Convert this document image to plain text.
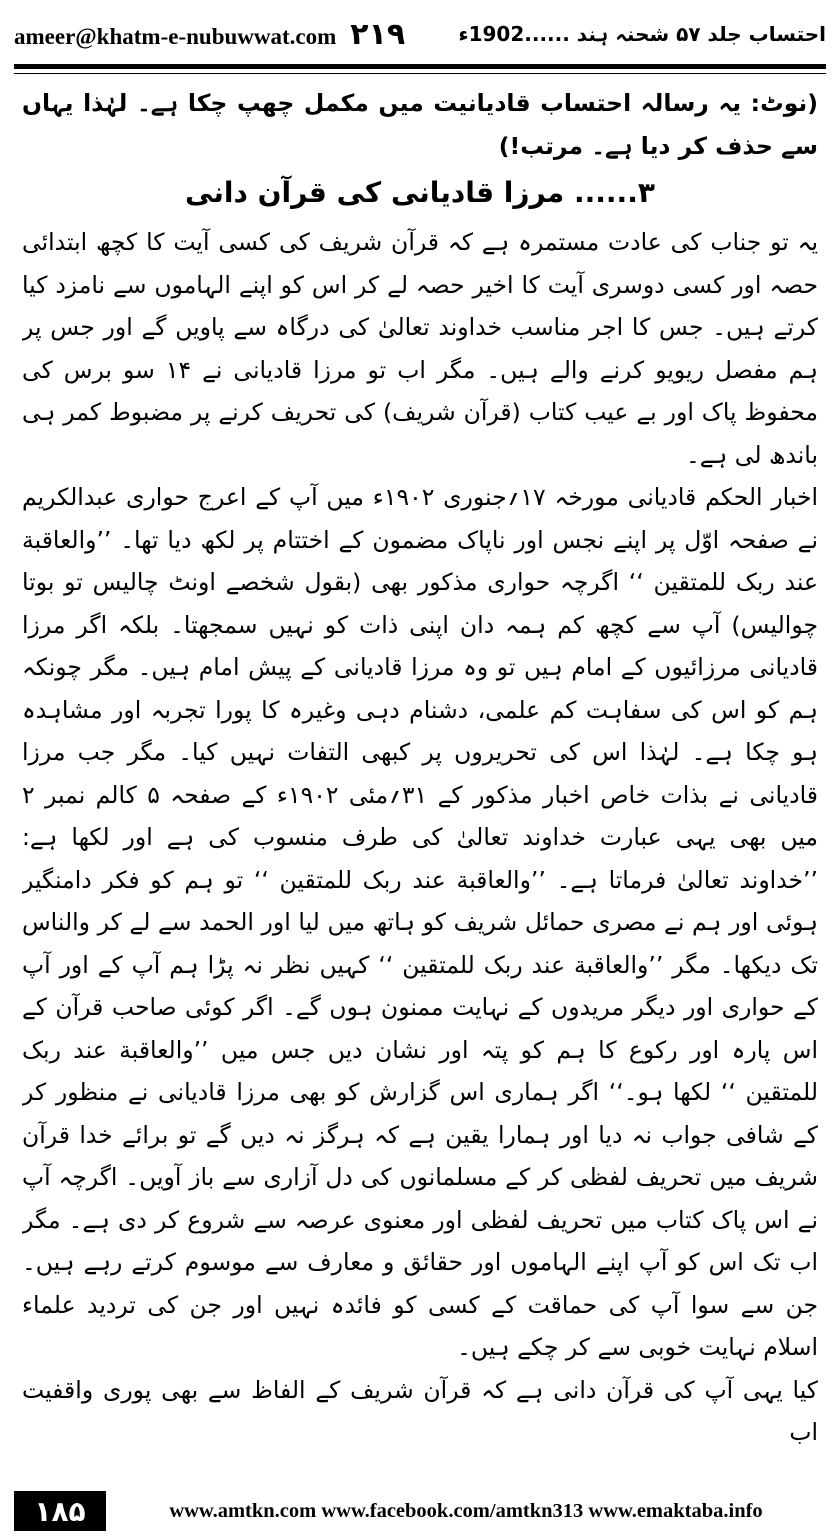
ameer@khatm-e-nubuwwat.com ۲۱۹	احتساب جلد ۵۷ شحنہ ہند ......1902ء

(نوٹ: یہ رسالہ احتساب قادیانیت میں مکمل چھپ چکا ہے۔ لہٰذا یہاں سے حذف کر دیا ہے۔ مرتب!)

۳...... مرزا قادیانی کی قرآن دانی

یہ تو جناب کی عادت مستمرہ ہے کہ قرآن شریف کی کسی آیت کا کچھ ابتدائی حصہ اور کسی دوسری آیت کا اخیر حصہ لے کر اس کو اپنے الہاموں سے نامزد کیا کرتے ہیں۔ جس کا اجر مناسب خداوند تعالیٰ کی درگاہ سے پاویں گے اور جس پر ہم مفصل ریویو کرنے والے ہیں۔ مگر اب تو مرزا قادیانی نے ۱۴ سو برس کی محفوظ پاک اور بے عیب کتاب (قرآن شریف) کی تحریف کرنے پر مضبوط کمر ہی باندھ لی ہے۔

اخبار الحکم قادیانی مورخہ ۱۷؍جنوری ۱۹۰۲ء میں آپ کے اعرج حواری عبدالکریم نے صفحہ اوّل پر اپنے نجس اور ناپاک مضمون کے اختتام پر لکھ دیا تھا۔ ’’والعاقبة عند ربک للمتقین ‘‘ اگرچہ حواری مذکور بھی (بقول شخصے اونٹ چالیس تو بوتا چوالیس) آپ سے کچھ کم ہمہ دان اپنی ذات کو نہیں سمجھتا۔ بلکہ اگر مرزا قادیانی مرزائیوں کے امام ہیں تو وہ مرزا قادیانی کے پیش امام ہیں۔ مگر چونکہ ہم کو اس کی سفاہت کم علمی، دشنام دہی وغیرہ کا پورا تجربہ اور مشاہدہ ہو چکا ہے۔ لہٰذا اس کی تحریروں پر کبھی التفات نہیں کیا۔ مگر جب مرزا قادیانی نے بذات خاص اخبار مذکور کے ۳۱؍مئی ۱۹۰۲ء کے صفحہ ۵ کالم نمبر ۲ میں بھی یہی عبارت خداوند تعالیٰ کی طرف منسوب کی ہے اور لکھا ہے: ’’خداوند تعالیٰ فرماتا ہے۔ ’’والعاقبة عند ربک للمتقین ‘‘ تو ہم کو فکر دامنگیر ہوئی اور ہم نے مصری حمائل شریف کو ہاتھ میں لیا اور الحمد سے لے کر والناس تک دیکھا۔ مگر ’’والعاقبة عند ربک للمتقین ‘‘ کہیں نظر نہ پڑا ہم آپ کے اور آپ کے حواری اور دیگر مریدوں کے نہایت ممنون ہوں گے۔ اگر کوئی صاحب قرآن کے اس پارہ اور رکوع کا ہم کو پتہ اور نشان دیں جس میں ’’والعاقبة عند ربک للمتقین ‘‘ لکھا ہو۔‘‘ اگر ہماری اس گزارش کو بھی مرزا قادیانی نے منظور کر کے شافی جواب نہ دیا اور ہمارا یقین ہے کہ ہرگز نہ دیں گے تو برائے خدا قرآن شریف میں تحریف لفظی کر کے مسلمانوں کی دل آزاری سے باز آویں۔ اگرچہ آپ نے اس پاک کتاب میں تحریف لفظی اور معنوی عرصہ سے شروع کر دی ہے۔ مگر اب تک اس کو آپ اپنے الہاموں اور حقائق و معارف سے موسوم کرتے رہے ہیں۔ جن سے سوا آپ کی حماقت کے کسی کو فائدہ نہیں اور جن کی تردید علماء اسلام نہایت خوبی سے کر چکے ہیں۔

کیا یہی آپ کی قرآن دانی ہے کہ قرآن شریف کے الفاظ سے بھی پوری واقفیت اب

۱۸۵	www.amtkn.com www.facebook.com/amtkn313 www.emaktaba.info
